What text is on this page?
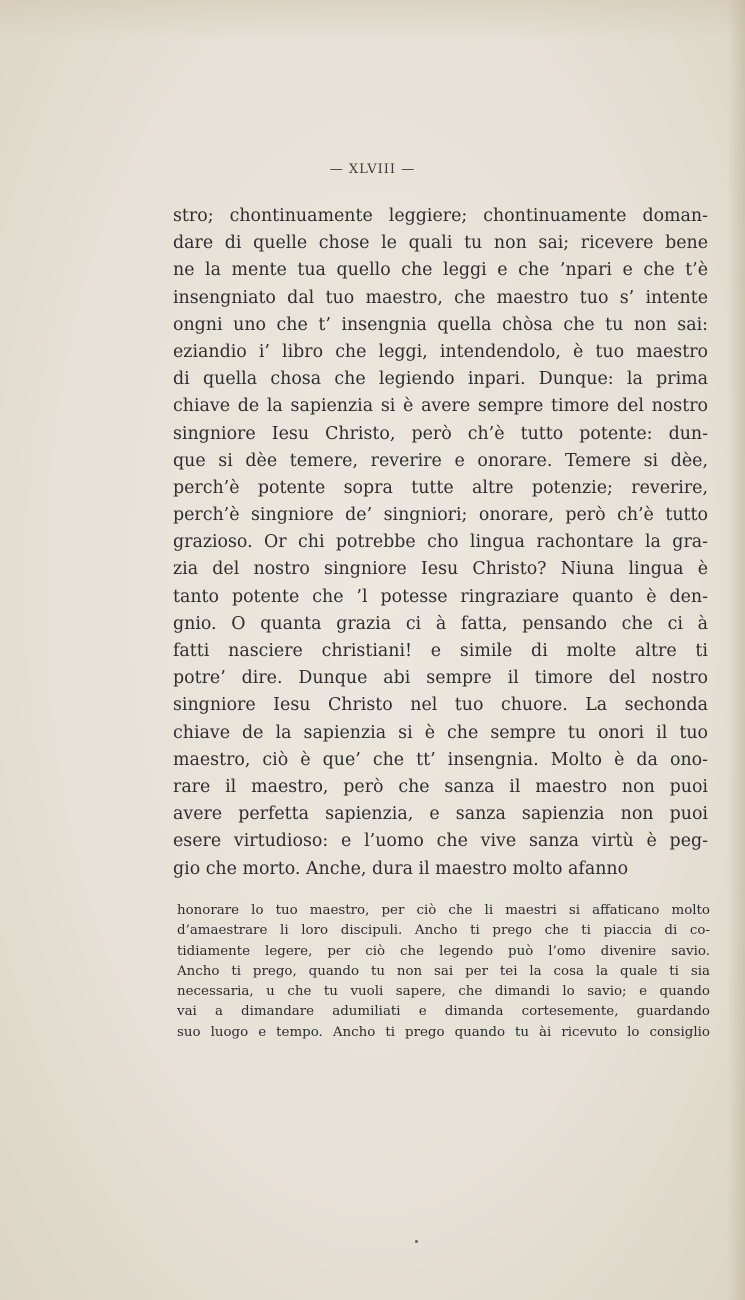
— XLVIII —
stro; chontinuamente leggiere; chontinuamente doman-
dare di quelle chose le quali tu non sai; ricevere bene
ne la mente tua quello che leggi e che ’npari e che t’è
insengniato dal tuo maestro, che maestro tuo s’ intente
ongni uno che t’ insengnia quella chòsa che tu non sai:
eziandio i’ libro che leggi, intendendolo, è tuo maestro
di quella chosa che legiendo inpari. Dunque: la prima
chiave de la sapienzia si è avere sempre timore del nostro
singniore Iesu Christo, però ch’è tutto potente: dun-
que si dèe temere, reverire e onorare. Temere si dèe,
perch’è potente sopra tutte altre potenzie; reverire,
perch’è singniore de’ singniori; onorare, però ch’è tutto
grazioso. Or chi potrebbe cho lingua rachontare la gra-
zia del nostro singniore Iesu Christo? Niuna lingua è
tanto potente che ’l potesse ringraziare quanto è den-
gnio. O quanta grazia ci à fatta, pensando che ci à
fatti nasciere christiani! e simile di molte altre ti
potre’ dire. Dunque abi sempre il timore del nostro
singniore Iesu Christo nel tuo chuore. La sechonda
chiave de la sapienzia si è che sempre tu onori il tuo
maestro, ciò è que’ che tt’ insengnia. Molto è da ono-
rare il maestro, però che sanza il maestro non puoi
avere perfetta sapienzia, e sanza sapienzia non puoi
esere virtudioso: e l’uomo che vive sanza virtù è peg-
gio che morto. Anche, dura il maestro molto afanno
honorare lo tuo maestro, per ciò che li maestri si affaticano molto
d’amaestrare li loro discipuli. Ancho ti prego che ti piaccia di co-
tidiamente legere, per ciò che legendo può l’omo divenire savio.
Ancho ti prego, quando tu non sai per tei la cosa la quale ti sia
necessaria, u che tu vuoli sapere, che dimandi lo savio; e quando
vai a dimandare adumiliati e dimanda cortesemente, guardando
suo luogo e tempo. Ancho ti prego quando tu ài ricevuto lo consiglio
